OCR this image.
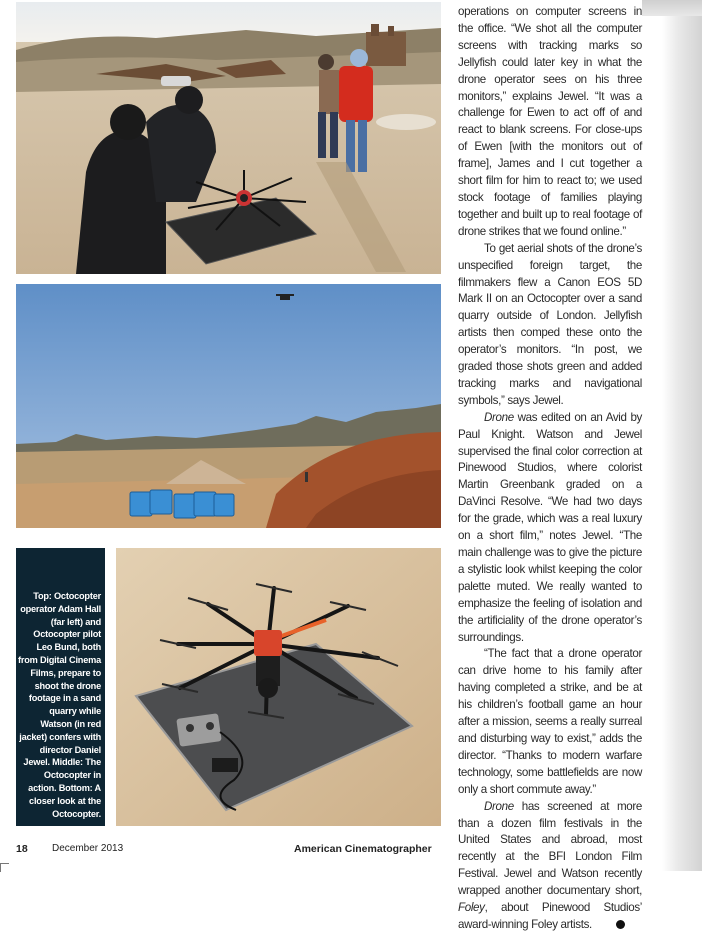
Top: Octocopter operator Adam Hall (far left) and Octocopter pilot Leo Bund, both from Digital Cinema Films, prepare to shoot the drone footage in a sand quarry while Watson (in red jacket) confers with director Daniel Jewel. Middle: The Octocopter in action. Bottom: A closer look at the Octocopter.

operations on computer screens in the office. “We shot all the computer screens with tracking marks so Jellyfish could later key in what the drone operator sees on his three monitors,” explains Jewel. “It was a challenge for Ewen to act off of and react to blank screens. For close-ups of Ewen [with the monitors out of frame], James and I cut together a short film for him to react to; we used stock footage of families playing together and built up to real footage of drone strikes that we found online.”

To get aerial shots of the drone’s unspecified foreign target, the filmmakers flew a Canon EOS 5D Mark II on an Octocopter over a sand quarry outside of London. Jellyfish artists then comped these onto the operator’s monitors. “In post, we graded those shots green and added tracking marks and navigational symbols,” says Jewel.

Drone was edited on an Avid by Paul Knight. Watson and Jewel supervised the final color correction at Pinewood Studios, where colorist Martin Greenbank graded on a DaVinci Resolve. “We had two days for the grade, which was a real luxury on a short film,” notes Jewel. “The main challenge was to give the picture a stylistic look whilst keeping the color palette muted. We really wanted to emphasize the feeling of isolation and the artificiality of the drone operator’s surroundings.

“The fact that a drone operator can drive home to his family after having completed a strike, and be at his children’s football game an hour after a mission, seems a really surreal and disturbing way to exist,” adds the director. “Thanks to modern warfare technology, some battlefields are now only a short commute away.”

Drone has screened at more than a dozen film festivals in the United States and abroad, most recently at the BFI London Film Festival. Jewel and Watson recently wrapped another documentary short, Foley, about Pinewood Studios’ award-winning Foley artists.

18 December 2013	American Cinematographer
